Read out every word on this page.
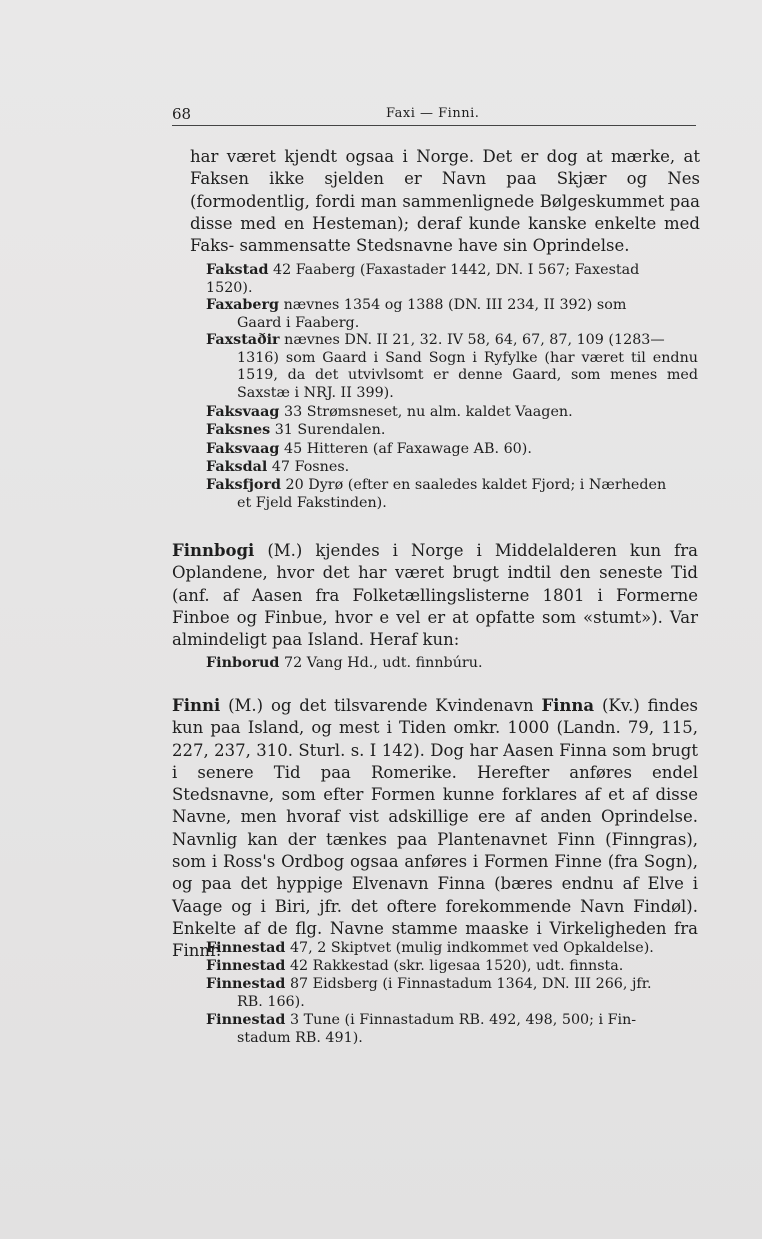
68	Faxi — Finni.
har været kjendt ogsaa i Norge. Det er dog at mærke, at Faksen ikke sjelden er Navn paa Skjær og Nes (formodentlig, fordi man sammenlignede Bølgeskummet paa disse med en Hesteman); deraf kunde kanske enkelte med Faks- sammensatte Stedsnavne have sin Oprindelse.
Fakstad 42 Faaberg (Faxastader 1442, DN. I 567; Faxestad
1520).
Faxaberg nævnes 1354 og 1388 (DN. III 234, II 392) som
Gaard i Faaberg.
Faxstaðir nævnes DN. II 21, 32. IV 58, 64, 67, 87, 109 (1283—
1316) som Gaard i Sand Sogn i Ryfylke (har været til endnu 1519, da det utvivlsomt er denne Gaard, som menes med Saxstæ i NRJ. II 399).
Faksvaag 33 Strømsneset, nu alm. kaldet Vaagen.
Faksnes 31 Surendalen.
Faksvaag 45 Hitteren (af Faxawage AB. 60).
Faksdal 47 Fosnes.
Faksfjord 20 Dyrø (efter en saaledes kaldet Fjord; i Nærheden
et Fjeld Fakstinden).
Finnbogi (M.) kjendes i Norge i Middelalderen kun fra Oplandene, hvor det har været brugt indtil den seneste Tid (anf. af Aasen fra Folketællingslisterne 1801 i Formerne Finboe og Finbue, hvor e vel er at opfatte som «stumt»). Var almindeligt paa Island. Heraf kun:
Finborud 72 Vang Hd., udt. finnbúru.
Finni (M.) og det tilsvarende Kvindenavn Finna (Kv.) findes kun paa Island, og mest i Tiden omkr. 1000 (Landn. 79, 115, 227, 237, 310. Sturl. s. I 142). Dog har Aasen Finna som brugt i senere Tid paa Romerike. Herefter anføres endel Stedsnavne, som efter Formen kunne forklares af et af disse Navne, men hvoraf vist adskillige ere af anden Oprindelse. Navnlig kan der tænkes paa Plantenavnet Finn (Finngras), som i Ross's Ordbog ogsaa anføres i Formen Finne (fra Sogn), og paa det hyppige Elvenavn Finna (bæres endnu af Elve i Vaage og i Biri, jfr. det oftere forekommende Navn Findøl). Enkelte af de flg. Navne stamme maaske i Virkeligheden fra Finnr.
Finnestad 47, 2 Skiptvet (mulig indkommet ved Opkaldelse).
Finnestad 42 Rakkestad (skr. ligesaa 1520), udt. finnsta.
Finnestad 87 Eidsberg (i Finnastadum 1364, DN. III 266, jfr.
RB. 166).
Finnestad 3 Tune (i Finnastadum RB. 492, 498, 500; i Fin-
stadum RB. 491).
